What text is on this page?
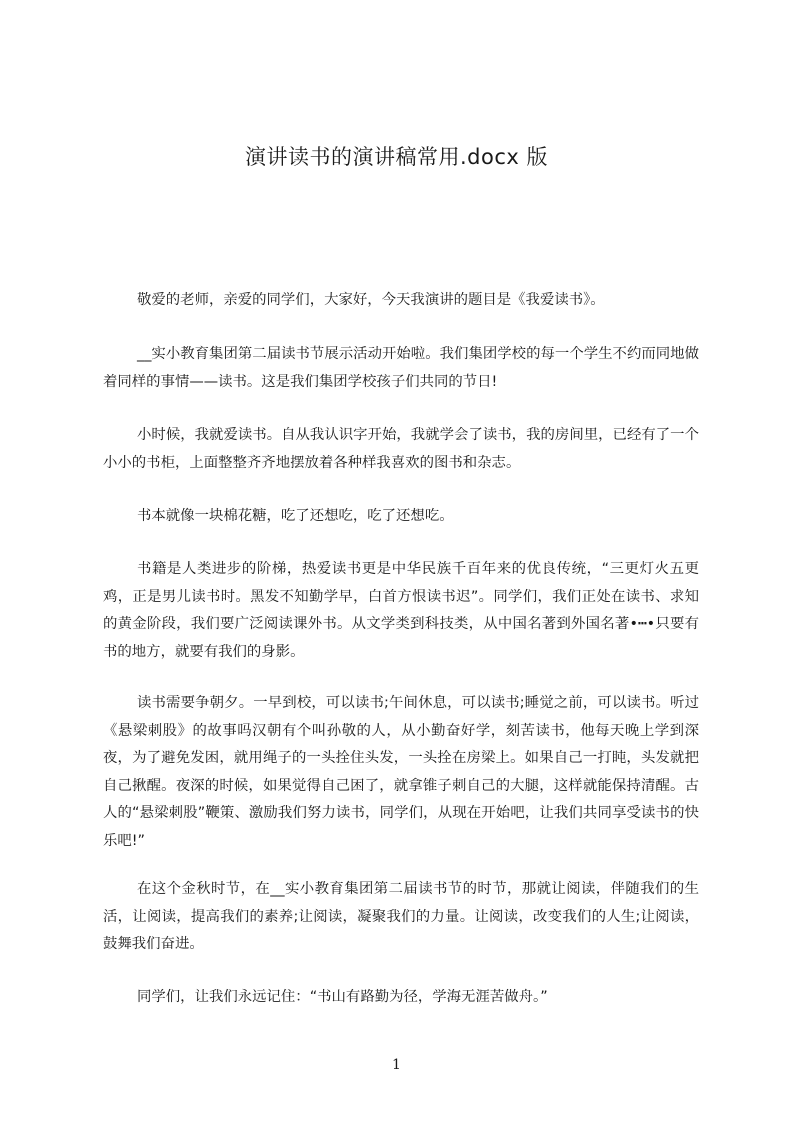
演讲读书的演讲稿常用.docx 版

敬爱的老师，亲爱的同学们，大家好，今天我演讲的题目是《我爱读书》。

__实小教育集团第二届读书节展示活动开始啦。我们集团学校的每一个学生不约而同地做着同样的事情——读书。这是我们集团学校孩子们共同的节日!

小时候，我就爱读书。自从我认识字开始，我就学会了读书，我的房间里，已经有了一个小小的书柜，上面整整齐齐地摆放着各种样我喜欢的图书和杂志。

书本就像一块棉花糖，吃了还想吃，吃了还想吃。

书籍是人类进步的阶梯，热爱读书更是中华民族千百年来的优良传统，“三更灯火五更鸡，正是男儿读书时。黑发不知勤学早，白首方恨读书迟”。同学们，我们正处在读书、求知的黄金阶段，我们要广泛阅读课外书。从文学类到科技类，从中国名著到外国名著•┅•只要有书的地方，就要有我们的身影。

读书需要争朝夕。一早到校，可以读书;午间休息，可以读书;睡觉之前，可以读书。听过《悬梁刺股》的故事吗汉朝有个叫孙敬的人，从小勤奋好学，刻苦读书，他每天晚上学到深夜，为了避免发困，就用绳子的一头拴住头发，一头拴在房梁上。如果自己一打盹，头发就把自己揪醒。夜深的时候，如果觉得自己困了，就拿锥子刺自己的大腿，这样就能保持清醒。古人的“悬梁刺股”鞭策、激励我们努力读书，同学们，从现在开始吧，让我们共同享受读书的快乐吧!”

在这个金秋时节，在__实小教育集团第二届读书节的时节，那就让阅读，伴随我们的生活，让阅读，提高我们的素养;让阅读，凝聚我们的力量。让阅读，改变我们的人生;让阅读，鼓舞我们奋进。

同学们，让我们永远记住：“书山有路勤为径，学海无涯苦做舟。”

1
